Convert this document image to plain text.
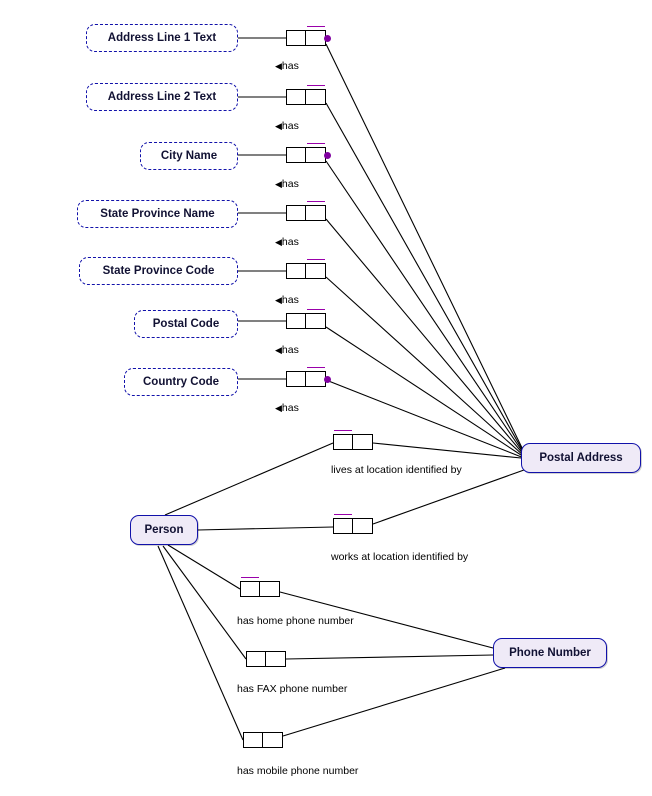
Address Line 1 Text
Address Line 2 Text
City Name
State Province Name
State Province Code
Postal Code
Country Code
Postal Address
Person
Phone Number
◀has
◀has
◀has
◀has
◀has
◀has
◀has
lives at location identified by
works at location identified by
has home phone number
has FAX phone number
has mobile phone number
